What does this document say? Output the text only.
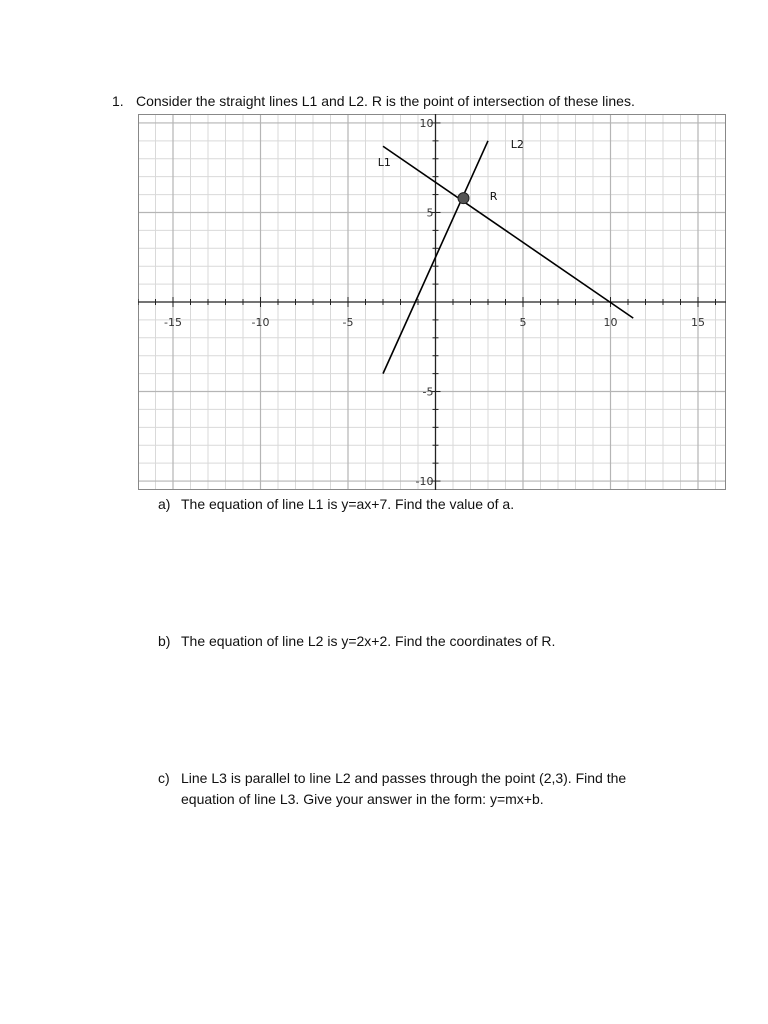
1. Consider the straight lines L1 and L2. R is the point of intersection of these lines.
-15	-10	-5	5	10	15
10
5
-5
-10
L1
L2
R
a) The equation of line L1 is y=ax+7. Find the value of a.
b) The equation of line L2 is y=2x+2. Find the coordinates of R.
c) Line L3 is parallel to line L2 and passes through the point (2,3). Find the equation of line L3. Give your answer in the form: y=mx+b.
